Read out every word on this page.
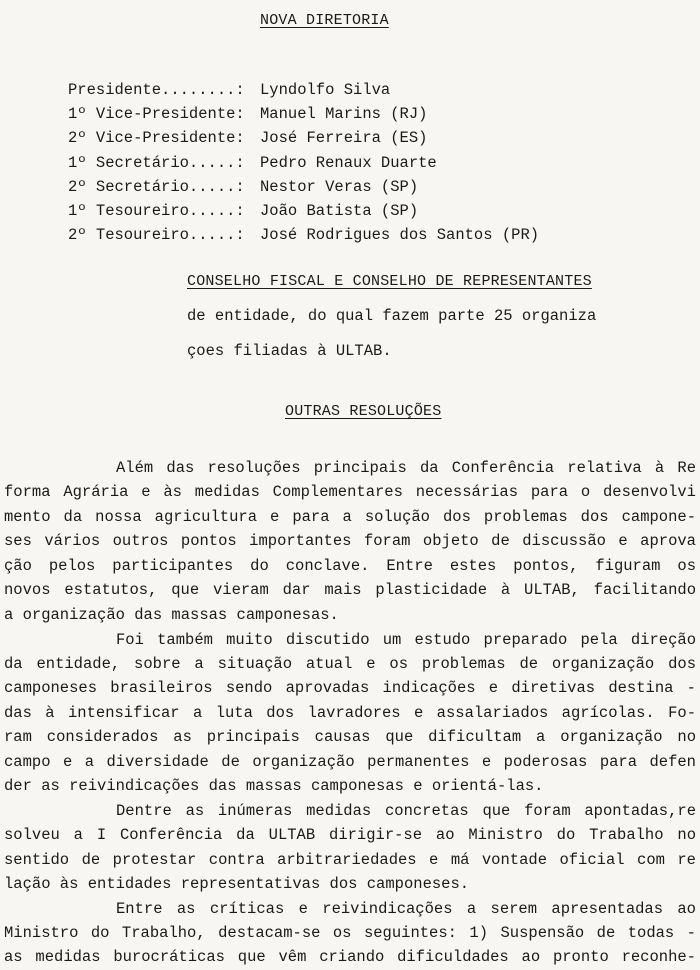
NOVA DIRETORIA
Presidente........: Lyndolfo Silva
1º Vice-Presidente: Manuel Marins (RJ)
2º Vice-Presidente: José Ferreira (ES)
1º Secretário.....: Pedro Renaux Duarte
2º Secretário.....: Nestor Veras (SP)
1º Tesoureiro.....: João Batista (SP)
2º Tesoureiro.....: José Rodrigues dos Santos (PR)
CONSELHO FISCAL E CONSELHO DE REPRESENTANTES
de entidade, do qual fazem parte 25 organiza
çoes filiadas à ULTAB.
OUTRAS RESOLUÇÕES
Além das resoluções principais da Conferência relativa à Re
forma Agrária e às medidas Complementares necessárias para o desenvolvi
mento da nossa agricultura e para a solução dos problemas dos campone-
ses vários outros pontos importantes foram objeto de discussão e aprova
ção pelos participantes do conclave. Entre estes pontos, figuram os
novos estatutos, que vieram dar mais plasticidade à ULTAB, facilitando
a organização das massas camponesas.
Foi também muito discutido um estudo preparado pela direção
da entidade, sobre a situação atual e os problemas de organização dos
camponeses brasileiros sendo aprovadas indicações e diretivas destina -
das à intensificar a luta dos lavradores e assalariados agrícolas. Fo-
ram considerados as principais causas que dificultam a organização no
campo e a diversidade de organização permanentes e poderosas para defen
der as reivindicações das massas camponesas e orientá-las.
Dentre as inúmeras medidas concretas que foram apontadas,re
solveu a I Conferência da ULTAB dirigir-se ao Ministro do Trabalho no
sentido de protestar contra arbitrariedades e má vontade oficial com re
lação às entidades representativas dos camponeses.
Entre as críticas e reivindicações a serem apresentadas ao
Ministro do Trabalho, destacam-se os seguintes: 1) Suspensão de todas -
as medidas burocráticas que vêm criando dificuldades ao pronto reconhe-
